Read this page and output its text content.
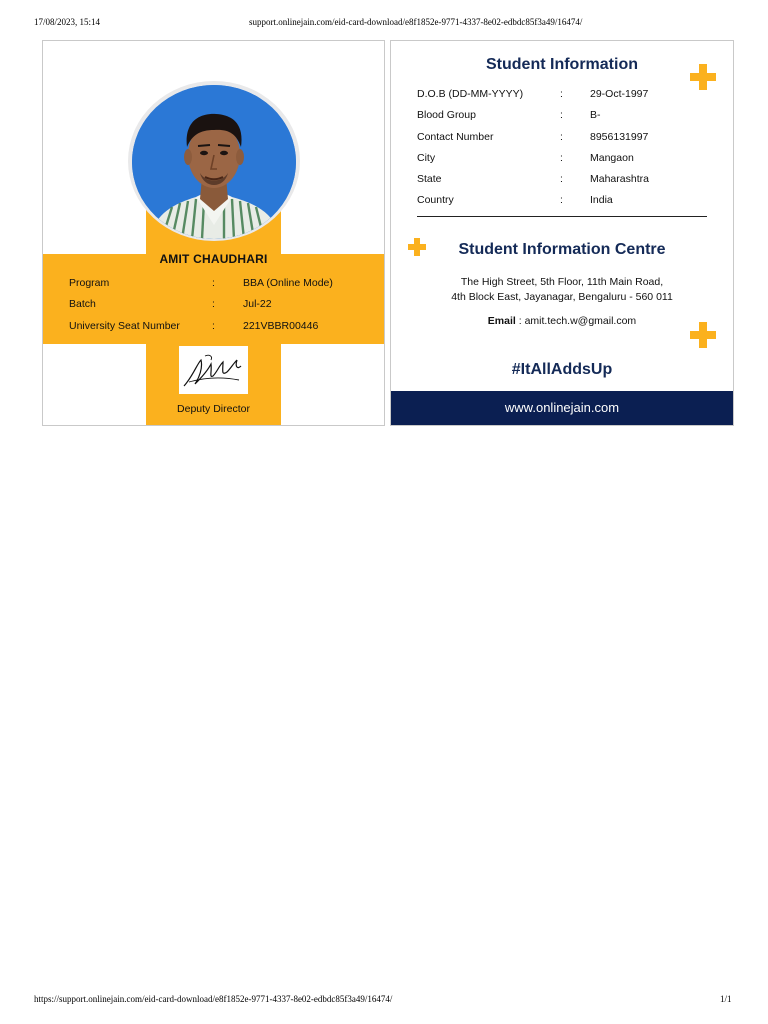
17/08/2023, 15:14	support.onlinejain.com/eid-card-download/e8f1852e-9771-4337-8e02-edbdc85f3a49/16474/
AMIT CHAUDHARI
Program	:	BBA (Online Mode)
Batch	:	Jul-22
University Seat Number	:	221VBBR00446
Deputy Director
Student Information
D.O.B (DD-MM-YYYY)	:	29-Oct-1997
Blood Group	:	B-
Contact Number	:	8956131997
City	:	Mangaon
State	:	Maharashtra
Country	:	India
Student Information Centre
The High Street, 5th Floor, 11th Main Road,
4th Block East, Jayanagar, Bengaluru - 560 011
Email : amit.tech.w@gmail.com
#ItAllAddsUp
www.onlinejain.com
https://support.onlinejain.com/eid-card-download/e8f1852e-9771-4337-8e02-edbdc85f3a49/16474/	1/1
